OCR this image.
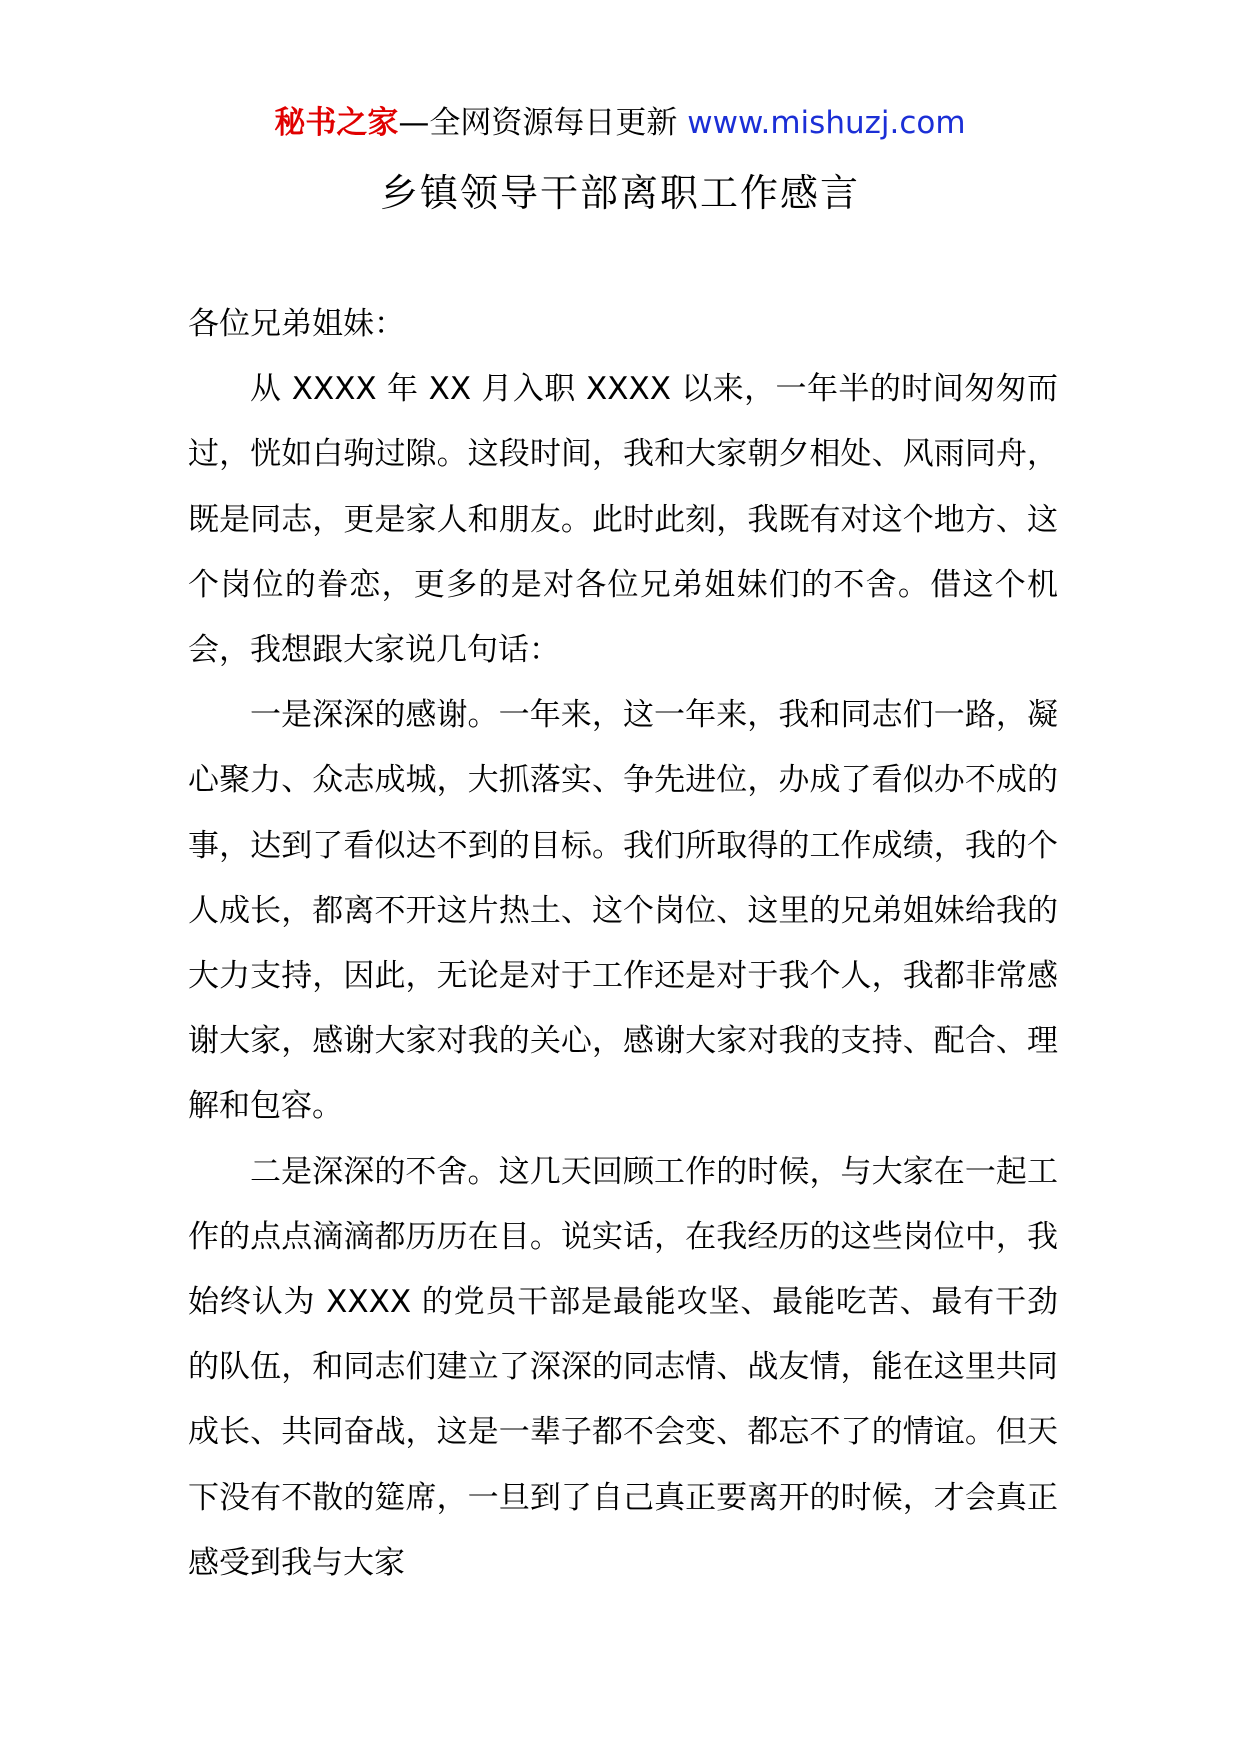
秘书之家—全网资源每日更新 www.mishuzj.com
乡镇领导干部离职工作感言

各位兄弟姐妹：

从 XXXX 年 XX 月入职 XXXX 以来，一年半的时间匆匆而过，恍如白驹过隙。这段时间，我和大家朝夕相处、风雨同舟，既是同志，更是家人和朋友。此时此刻，我既有对这个地方、这个岗位的眷恋，更多的是对各位兄弟姐妹们的不舍。借这个机会，我想跟大家说几句话：

一是深深的感谢。一年来，这一年来，我和同志们一路，凝心聚力、众志成城，大抓落实、争先进位，办成了看似办不成的事，达到了看似达不到的目标。我们所取得的工作成绩，我的个人成长，都离不开这片热土、这个岗位、这里的兄弟姐妹给我的大力支持，因此，无论是对于工作还是对于我个人，我都非常感谢大家，感谢大家对我的关心，感谢大家对我的支持、配合、理解和包容。

二是深深的不舍。这几天回顾工作的时候，与大家在一起工作的点点滴滴都历历在目。说实话，在我经历的这些岗位中，我始终认为 XXXX 的党员干部是最能攻坚、最能吃苦、最有干劲的队伍，和同志们建立了深深的同志情、战友情，能在这里共同成长、共同奋战，这是一辈子都不会变、都忘不了的情谊。但天下没有不散的筵席，一旦到了自己真正要离开的时候，才会真正感受到我与大家
